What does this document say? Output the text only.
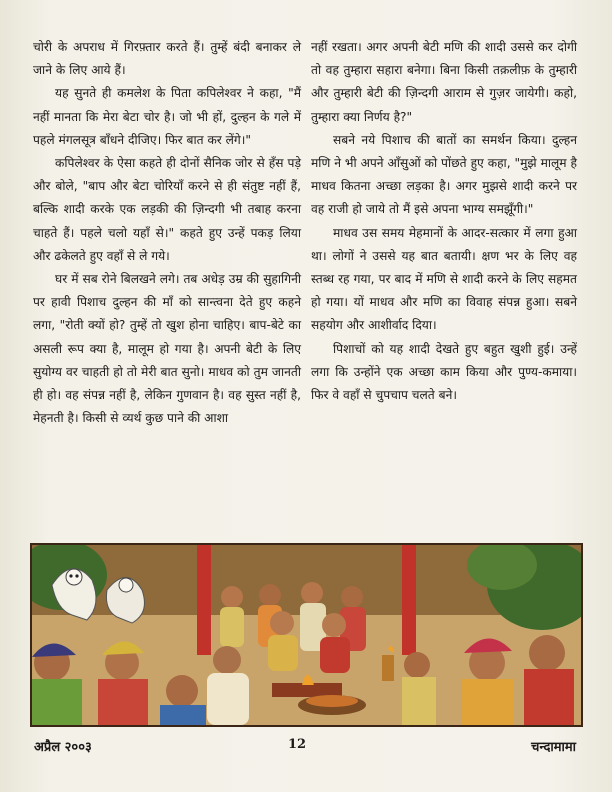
चोरी के अपराध में गिरफ़्तार करते हैं। तुम्हें बंदी बनाकर ले जाने के लिए आये हैं।

यह सुनते ही कमलेश के पिता कपिलेश्वर ने कहा, "मैं नहीं मानता कि मेरा बेटा चोर है। जो भी हों, दुल्हन के गले में पहले मंगलसूत्र बाँधने दीजिए। फिर बात कर लेंगे।"

कपिलेश्वर के ऐसा कहते ही दोनों सैनिक जोर से हँस पड़े और बोले, "बाप और बेटा चोरियाँ करने से ही संतुष्ट नहीं हैं, बल्कि शादी करके एक लड़की की ज़िन्दगी भी तबाह करना चाहते हैं। पहले चलो यहाँ से।" कहते हुए उन्हें पकड़ लिया और ढकेलते हुए वहाँ से ले गये।

घर में सब रोने बिलखने लगे। तब अधेड़ उम्र की सुहागिनी पर हावी पिशाच दुल्हन की माँ को सान्त्वना देते हुए कहने लगा, "रोती क्यों हो? तुम्हें तो खुश होना चाहिए। बाप-बेटे का असली रूप क्या है, मालूम हो गया है। अपनी बेटी के लिए सुयोग्य वर चाहती हो तो मेरी बात सुनो। माधव को तुम जानती ही हो। वह संपन्न नहीं है, लेकिन गुणवान है। वह सुस्त नहीं है, मेहनती है। किसी से व्यर्थ कुछ पाने की आशा

नहीं रखता। अगर अपनी बेटी मणि की शादी उससे कर दोगी तो वह तुम्हारा सहारा बनेगा। बिना किसी तक़लीफ़ के तुम्हारी और तुम्हारी बेटी की ज़िन्दगी आराम से गुज़र जायेगी। कहो, तुम्हारा क्या निर्णय है?"

सबने नये पिशाच की बातों का समर्थन किया। दुल्हन मणि ने भी अपने आँसुओं को पोंछते हुए कहा, "मुझे मालूम है माधव कितना अच्छा लड़का है। अगर मुझसे शादी करने पर वह राजी हो जाये तो मैं इसे अपना भाग्य समझूँगी।"

माधव उस समय मेहमानों के आदर-सत्कार में लगा हुआ था। लोगों ने उससे यह बात बतायी। क्षण भर के लिए वह स्तब्ध रह गया, पर बाद में मणि से शादी करने के लिए सहमत हो गया। यों माधव और मणि का विवाह संपन्न हुआ। सबने सहयोग और आशीर्वाद दिया।

पिशाचों को यह शादी देखते हुए बहुत खुशी हुई। उन्हें लगा कि उन्होंने एक अच्छा काम किया और पुण्य-कमाया। फिर वे वहाँ से चुपचाप चलते बने।

अप्रैल २००३	12	चन्दामामा
